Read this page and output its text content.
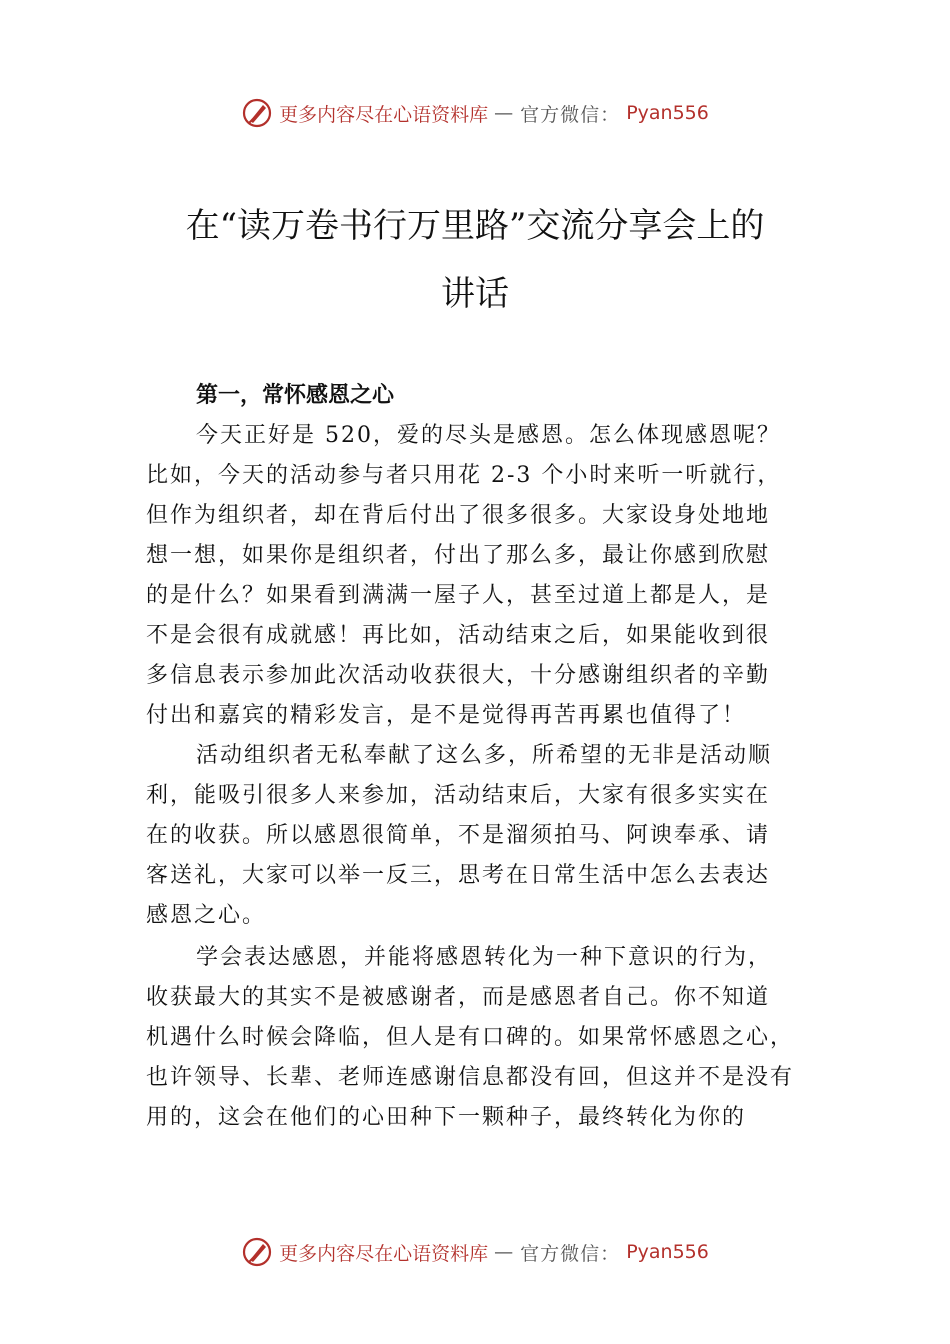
更多内容尽在心语资料库 — 官方微信： Pyan556
在“读万卷书行万里路”交流分享会上的
讲话
第一，常怀感恩之心
今天正好是 520，爱的尽头是感恩。怎么体现感恩呢？
比如，今天的活动参与者只用花 2-3 个小时来听一听就行，
但作为组织者，却在背后付出了很多很多。大家设身处地地
想一想，如果你是组织者，付出了那么多，最让你感到欣慰
的是什么？如果看到满满一屋子人，甚至过道上都是人，是
不是会很有成就感！再比如，活动结束之后，如果能收到很
多信息表示参加此次活动收获很大，十分感谢组织者的辛勤
付出和嘉宾的精彩发言，是不是觉得再苦再累也值得了！
活动组织者无私奉献了这么多，所希望的无非是活动顺
利，能吸引很多人来参加，活动结束后，大家有很多实实在
在的收获。所以感恩很简单，不是溜须拍马、阿谀奉承、请
客送礼，大家可以举一反三，思考在日常生活中怎么去表达
感恩之心。
学会表达感恩，并能将感恩转化为一种下意识的行为，
收获最大的其实不是被感谢者，而是感恩者自己。你不知道
机遇什么时候会降临，但人是有口碑的。如果常怀感恩之心，
也许领导、长辈、老师连感谢信息都没有回，但这并不是没有
用的，这会在他们的心田种下一颗种子，最终转化为你的
更多内容尽在心语资料库 — 官方微信： Pyan556
